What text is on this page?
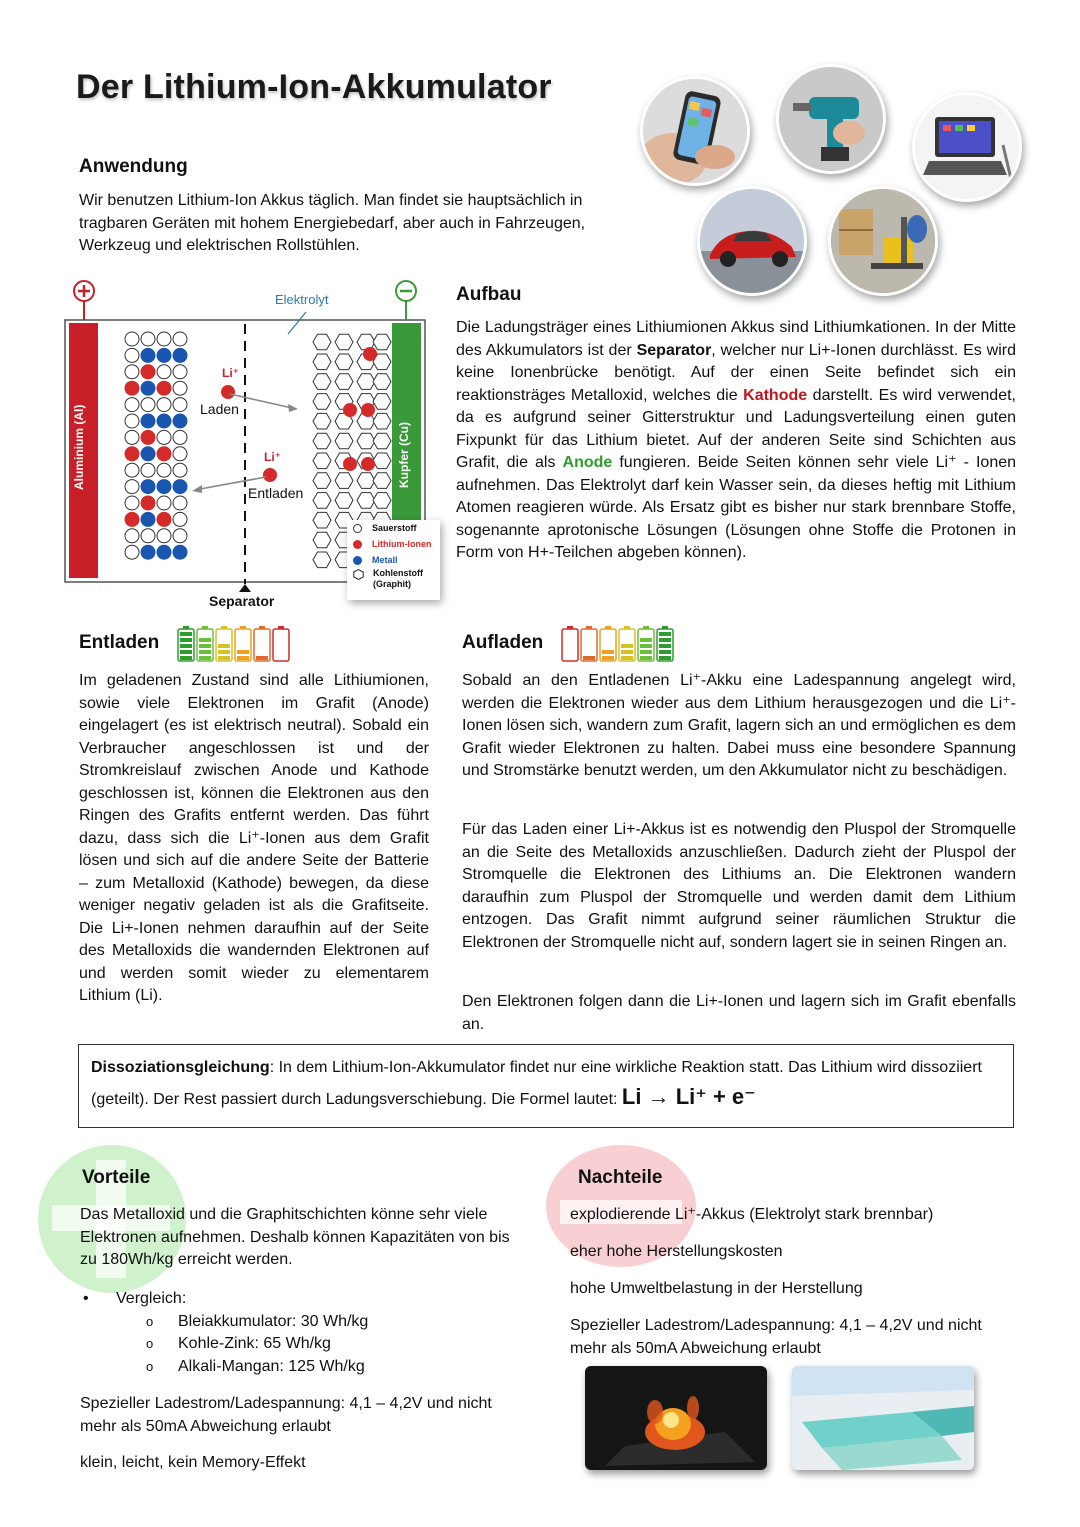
Der Lithium-Ion-Akkumulator
Anwendung

Wir benutzen Lithium-Ion Akkus täglich. Man findet sie hauptsächlich in tragbaren Geräten mit hohem Energiebedarf, aber auch in Fahrzeugen, Werkzeug und elektrischen Rollstühlen.

Elektrolyt
Li⁺
Laden
Li⁺
Entladen
Separator
Aluminium (Al)	Kupfer (Cu)
Sauerstoff
Lithium-Ionen
Metall
Kohlenstoff
(Graphit)
Aufbau

Die Ladungsträger eines Lithiumionen Akkus sind Lithiumkationen. In der Mitte des Akkumulators ist der Separator, welcher nur Li+-Ionen durchlässt. Es wird keine Ionenbrücke benötigt. Auf der einen Seite befindet sich ein reaktionsträges Metalloxid, welches die Kathode darstellt. Es wird verwendet, da es aufgrund seiner Gitterstruktur und Ladungsverteilung einen guten Fixpunkt für das Lithium bietet. Auf der anderen Seite sind Schichten aus Grafit, die als Anode fungieren. Beide Seiten können sehr viele Li⁺ - Ionen aufnehmen. Das Elektrolyt darf kein Wasser sein, da dieses heftig mit Lithium Atomen reagieren würde. Als Ersatz gibt es bisher nur stark brennbare Stoffe, sogenannte aprotonische Lösungen (Lösungen ohne Stoffe die Protonen in Form von H+-Teilchen abgeben können).

Entladen

Im geladenen Zustand sind alle Lithiumionen, sowie viele Elektronen im Grafit (Anode) eingelagert (es ist elektrisch neutral). Sobald ein Verbraucher angeschlossen ist und der Stromkreislauf zwischen Anode und Kathode geschlossen ist, können die Elektronen aus den Ringen des Grafits entfernt werden. Das führt dazu, dass sich die Li⁺-Ionen aus dem Grafit lösen und sich auf die andere Seite der Batterie – zum Metalloxid (Kathode) bewegen, da diese weniger negativ geladen ist als die Grafitseite. Die Li+-Ionen nehmen daraufhin auf der Seite des Metalloxids die wandernden Elektronen auf und werden somit wieder zu elementarem Lithium (Li).

Aufladen

Sobald an den Entladenen Li⁺-Akku eine Ladespannung angelegt wird, werden die Elektronen wieder aus dem Lithium herausgezogen und die Li⁺-Ionen lösen sich, wandern zum Grafit, lagern sich an und ermöglichen es dem Grafit wieder Elektronen zu halten. Dabei muss eine besondere Spannung und Stromstärke benutzt werden, um den Akkumulator nicht zu beschädigen.

Für das Laden einer Li+-Akkus ist es notwendig den Pluspol der Stromquelle an die Seite des Metalloxids anzuschließen. Dadurch zieht der Pluspol der Stromquelle die Elektronen des Lithiums an. Die Elektronen wandern daraufhin zum Pluspol der Stromquelle und werden damit dem Lithium entzogen. Das Grafit nimmt aufgrund seiner räumlichen Struktur die Elektronen der Stromquelle nicht auf, sondern lagert sie in seinen Ringen an.

Den Elektronen folgen dann die Li+-Ionen und lagern sich im Grafit ebenfalls an.

Dissoziationsgleichung: In dem Lithium-Ion-Akkumulator findet nur eine wirkliche Reaktion statt. Das Lithium wird dissoziiert (geteilt). Der Rest passiert durch Ladungsverschiebung. Die Formel lautet: Li → Li⁺ + e⁻

Vorteile

Das Metalloxid und die Graphitschichten könne sehr viele Elektronen aufnehmen. Deshalb können Kapazitäten von bis zu 180Wh/kg erreicht werden.

• Vergleich:
o Bleiakkumulator: 30 Wh/kg
o Kohle-Zink: 65 Wh/kg
o Alkali-Mangan: 125 Wh/kg

Spezieller Ladestrom/Ladespannung: 4,1 – 4,2V und nicht mehr als 50mA Abweichung erlaubt

klein, leicht, kein Memory-Effekt

Nachteile

explodierende Li⁺-Akkus (Elektrolyt stark brennbar)

eher hohe Herstellungskosten

hohe Umweltbelastung in der Herstellung

Spezieller Ladestrom/Ladespannung: 4,1 – 4,2V und nicht mehr als 50mA Abweichung erlaubt
